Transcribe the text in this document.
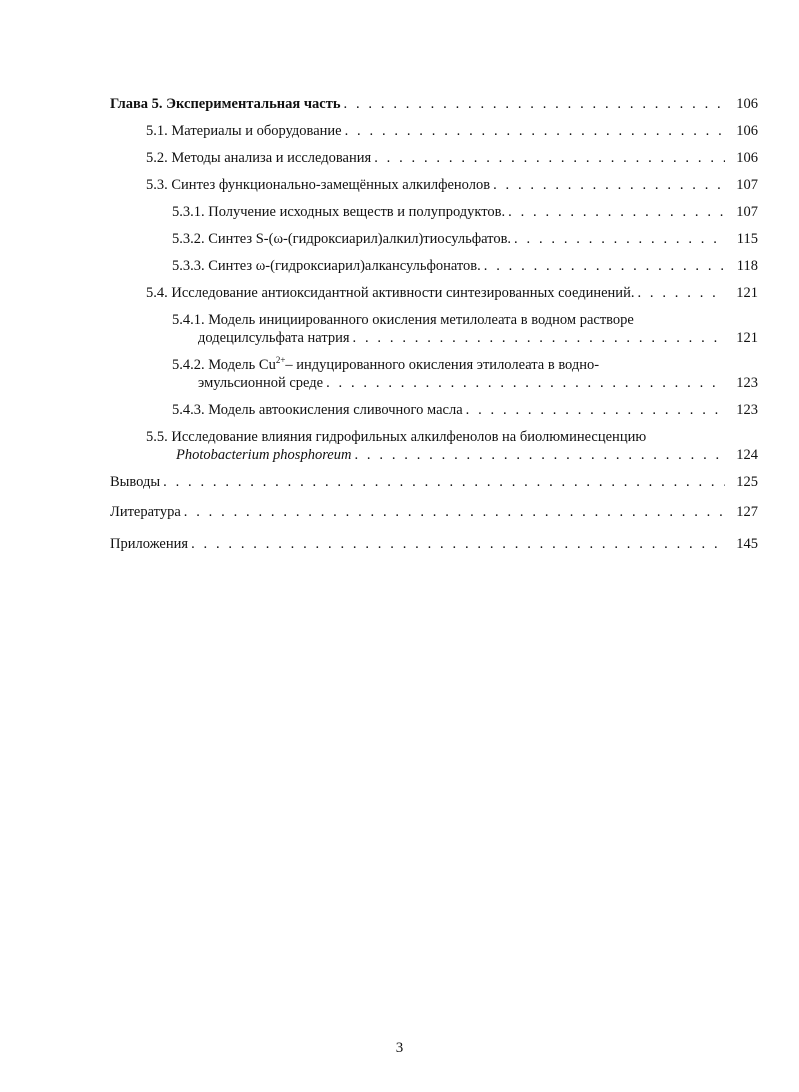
Глава 5. Экспериментальная часть . . .	106
5.1. Материалы и оборудование . . .	106
5.2. Методы анализа и исследования . . .	106
5.3. Синтез функционально-замещённых алкилфенолов . . .	107
5.3.1. Получение исходных веществ и полупродуктов. . . .	107
5.3.2. Синтез S-(ω-(гидроксиарил)алкил)тиосульфатов. . . .	115
5.3.3. Синтез ω-(гидроксиарил)алкансульфонатов. . . .	118
5.4. Исследование антиоксидантной активности синтезированных соединений. . . .	121
5.4.1. Модель инициированного окисления метилолеата в водном растворе
додецилсульфата натрия . . .	121
5.4.2. Модель $Cu^{2+}-$ индуцированного окисления этилолеата в водно-
эмульсионной среде . . .	123
5.4.3. Модель автоокисления сливочного масла . . .	123
5.5. Исследование влияния гидрофильных алкилфенолов на биолюминесценцию
Photobacterium phosphoreum . . .	124
Выводы . . .	125
Литература . . .	127
Приложения . . .	145
3
